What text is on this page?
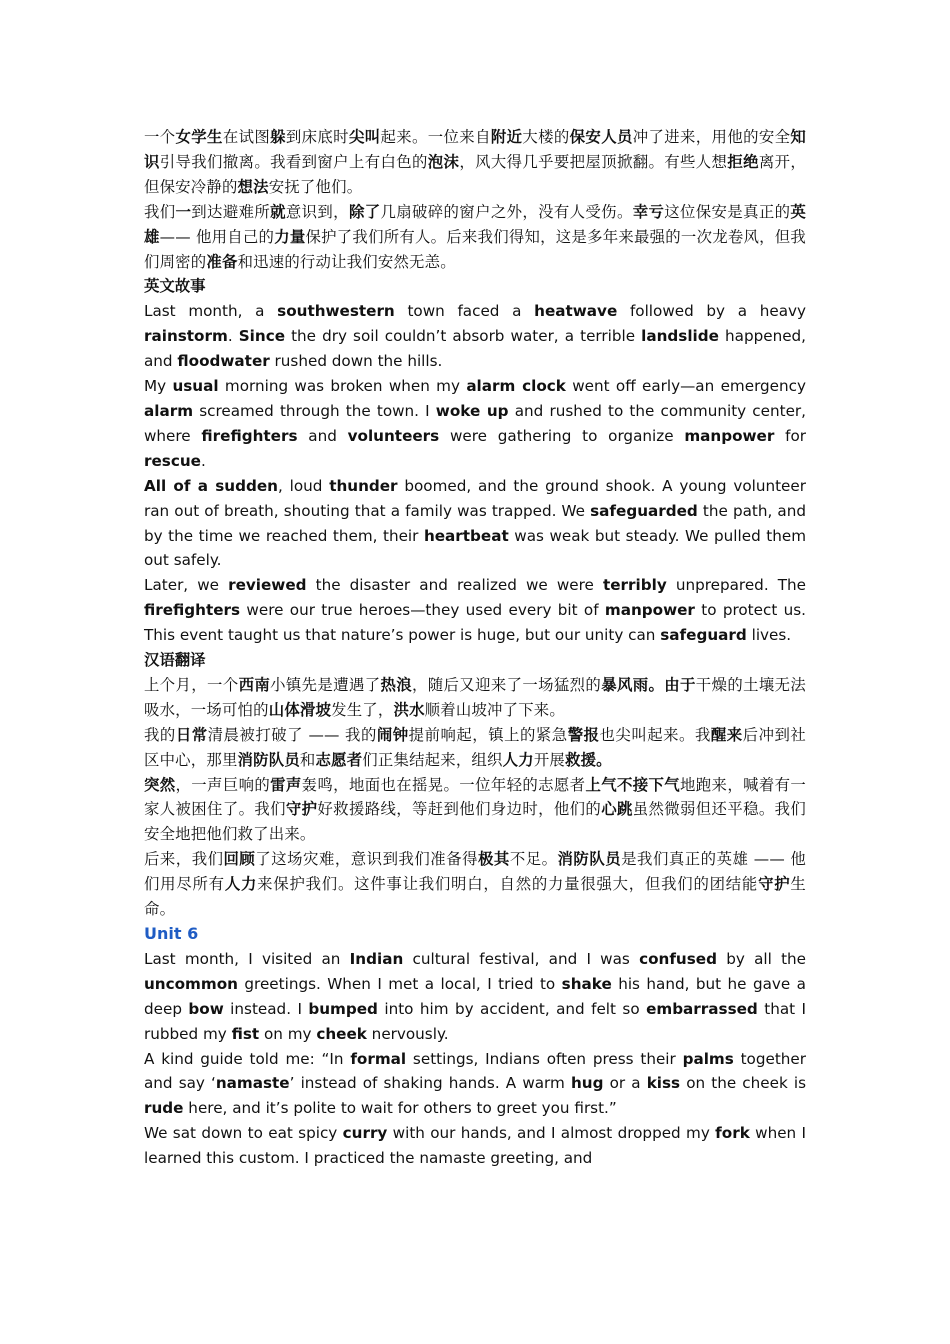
一个女学生在试图躲到床底时尖叫起来。一位来自附近大楼的保安人员冲了进来，用他的安全知识引导我们撤离。我看到窗户上有白色的泡沫，风大得几乎要把屋顶掀翻。有些人想拒绝离开，但保安冷静的想法安抚了他们。
我们一到达避难所就意识到，除了几扇破碎的窗户之外，没有人受伤。幸亏这位保安是真正的英雄—— 他用自己的力量保护了我们所有人。后来我们得知，这是多年来最强的一次龙卷风，但我们周密的准备和迅速的行动让我们安然无恙。
英文故事
Last month, a southwestern town faced a heatwave followed by a heavy rainstorm. Since the dry soil couldn’t absorb water, a terrible landslide happened, and floodwater rushed down the hills.
My usual morning was broken when my alarm clock went off early—an emergency alarm screamed through the town. I woke up and rushed to the community center, where firefighters and volunteers were gathering to organize manpower for rescue.
All of a sudden, loud thunder boomed, and the ground shook. A young volunteer ran out of breath, shouting that a family was trapped. We safeguarded the path, and by the time we reached them, their heartbeat was weak but steady. We pulled them out safely.
Later, we reviewed the disaster and realized we were terribly unprepared. The firefighters were our true heroes—they used every bit of manpower to protect us. This event taught us that nature’s power is huge, but our unity can safeguard lives.
汉语翻译
上个月，一个西南小镇先是遭遇了热浪，随后又迎来了一场猛烈的暴风雨。由于干燥的土壤无法吸水，一场可怕的山体滑坡发生了，洪水顺着山坡冲了下来。
我的日常清晨被打破了 —— 我的闹钟提前响起，镇上的紧急警报也尖叫起来。我醒来后冲到社区中心，那里消防队员和志愿者们正集结起来，组织人力开展救援。
突然，一声巨响的雷声轰鸣，地面也在摇晃。一位年轻的志愿者上气不接下气地跑来，喊着有一家人被困住了。我们守护好救援路线，等赶到他们身边时，他们的心跳虽然微弱但还平稳。我们安全地把他们救了出来。
后来，我们回顾了这场灾难，意识到我们准备得极其不足。消防队员是我们真正的英雄 —— 他们用尽所有人力来保护我们。这件事让我们明白，自然的力量很强大，但我们的团结能守护生命。
Unit 6
Last month, I visited an Indian cultural festival, and I was confused by all the uncommon greetings. When I met a local, I tried to shake his hand, but he gave a deep bow instead. I bumped into him by accident, and felt so embarrassed that I rubbed my fist on my cheek nervously.
A kind guide told me: “In formal settings, Indians often press their palms together and say ‘namaste’ instead of shaking hands. A warm hug or a kiss on the cheek is rude here, and it’s polite to wait for others to greet you first.”
We sat down to eat spicy curry with our hands, and I almost dropped my fork when I learned this custom. I practiced the namaste greeting, and
